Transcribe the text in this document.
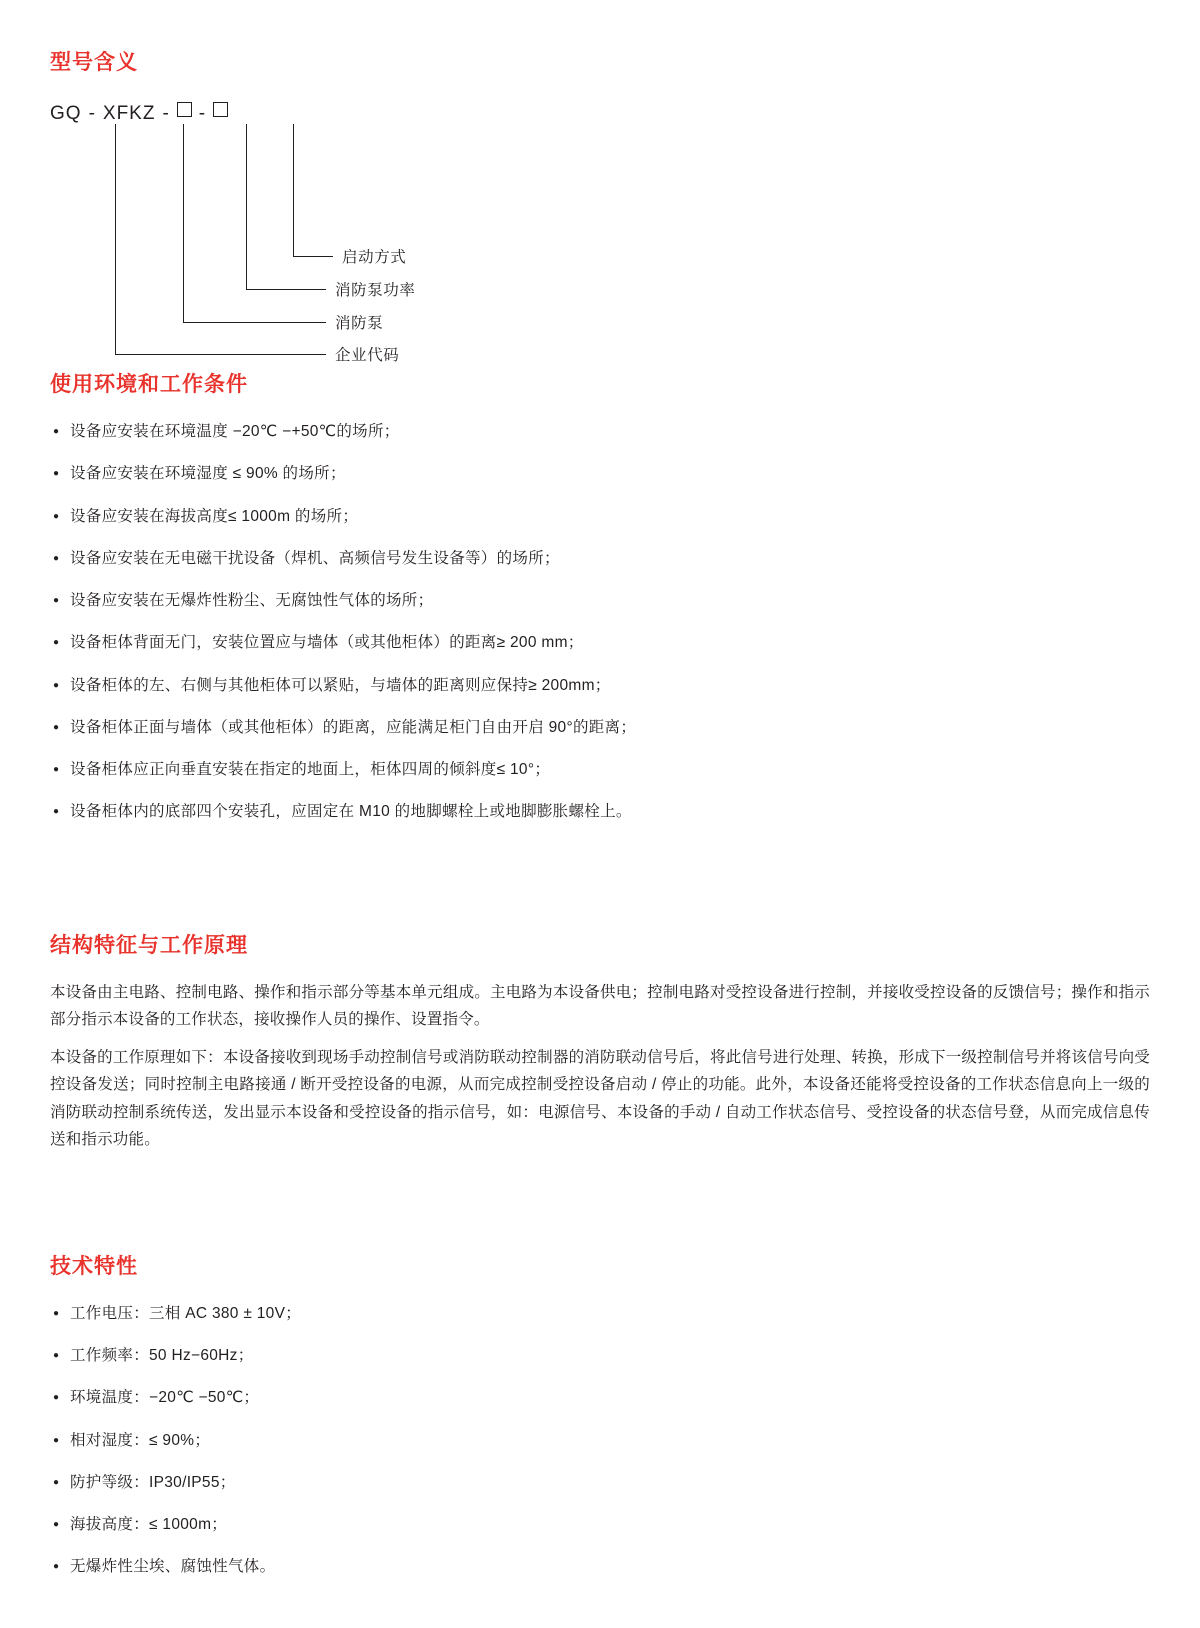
型号含义
GQ - XFKZ - -
启动方式
消防泵功率
消防泵
企业代码
使用环境和工作条件
● 设备应安装在环境温度 −20℃ −+50℃的场所；
● 设备应安装在环境湿度 ≤ 90% 的场所；
● 设备应安装在海拔高度≤ 1000m 的场所；
● 设备应安装在无电磁干扰设备（焊机、高频信号发生设备等）的场所；
● 设备应安装在无爆炸性粉尘、无腐蚀性气体的场所；
● 设备柜体背面无门，安装位置应与墙体（或其他柜体）的距离≥ 200 mm；
● 设备柜体的左、右侧与其他柜体可以紧贴，与墙体的距离则应保持≥ 200mm；
● 设备柜体正面与墙体（或其他柜体）的距离，应能满足柜门自由开启 90°的距离；
● 设备柜体应正向垂直安装在指定的地面上，柜体四周的倾斜度≤ 10°；
● 设备柜体内的底部四个安装孔，应固定在 M10 的地脚螺栓上或地脚膨胀螺栓上。
结构特征与工作原理

本设备由主电路、控制电路、操作和指示部分等基本单元组成。主电路为本设备供电；控制电路对受控设备进行控制，并接收受控设备的反馈信号；操作和指示部分指示本设备的工作状态，接收操作人员的操作、设置指令。

本设备的工作原理如下：本设备接收到现场手动控制信号或消防联动控制器的消防联动信号后，将此信号进行处理、转换，形成下一级控制信号并将该信号向受控设备发送；同时控制主电路接通 / 断开受控设备的电源，从而完成控制受控设备启动 / 停止的功能。此外，本设备还能将受控设备的工作状态信息向上一级的消防联动控制系统传送，发出显示本设备和受控设备的指示信号，如：电源信号、本设备的手动 / 自动工作状态信号、受控设备的状态信号登，从而完成信息传送和指示功能。

技术特性
● 工作电压：三相 AC 380 ± 10V；
● 工作频率：50 Hz−60Hz；
● 环境温度：−20℃ −50℃；
● 相对湿度：≤ 90%；
● 防护等级：IP30/IP55；
● 海拔高度：≤ 1000m；
● 无爆炸性尘埃、腐蚀性气体。
